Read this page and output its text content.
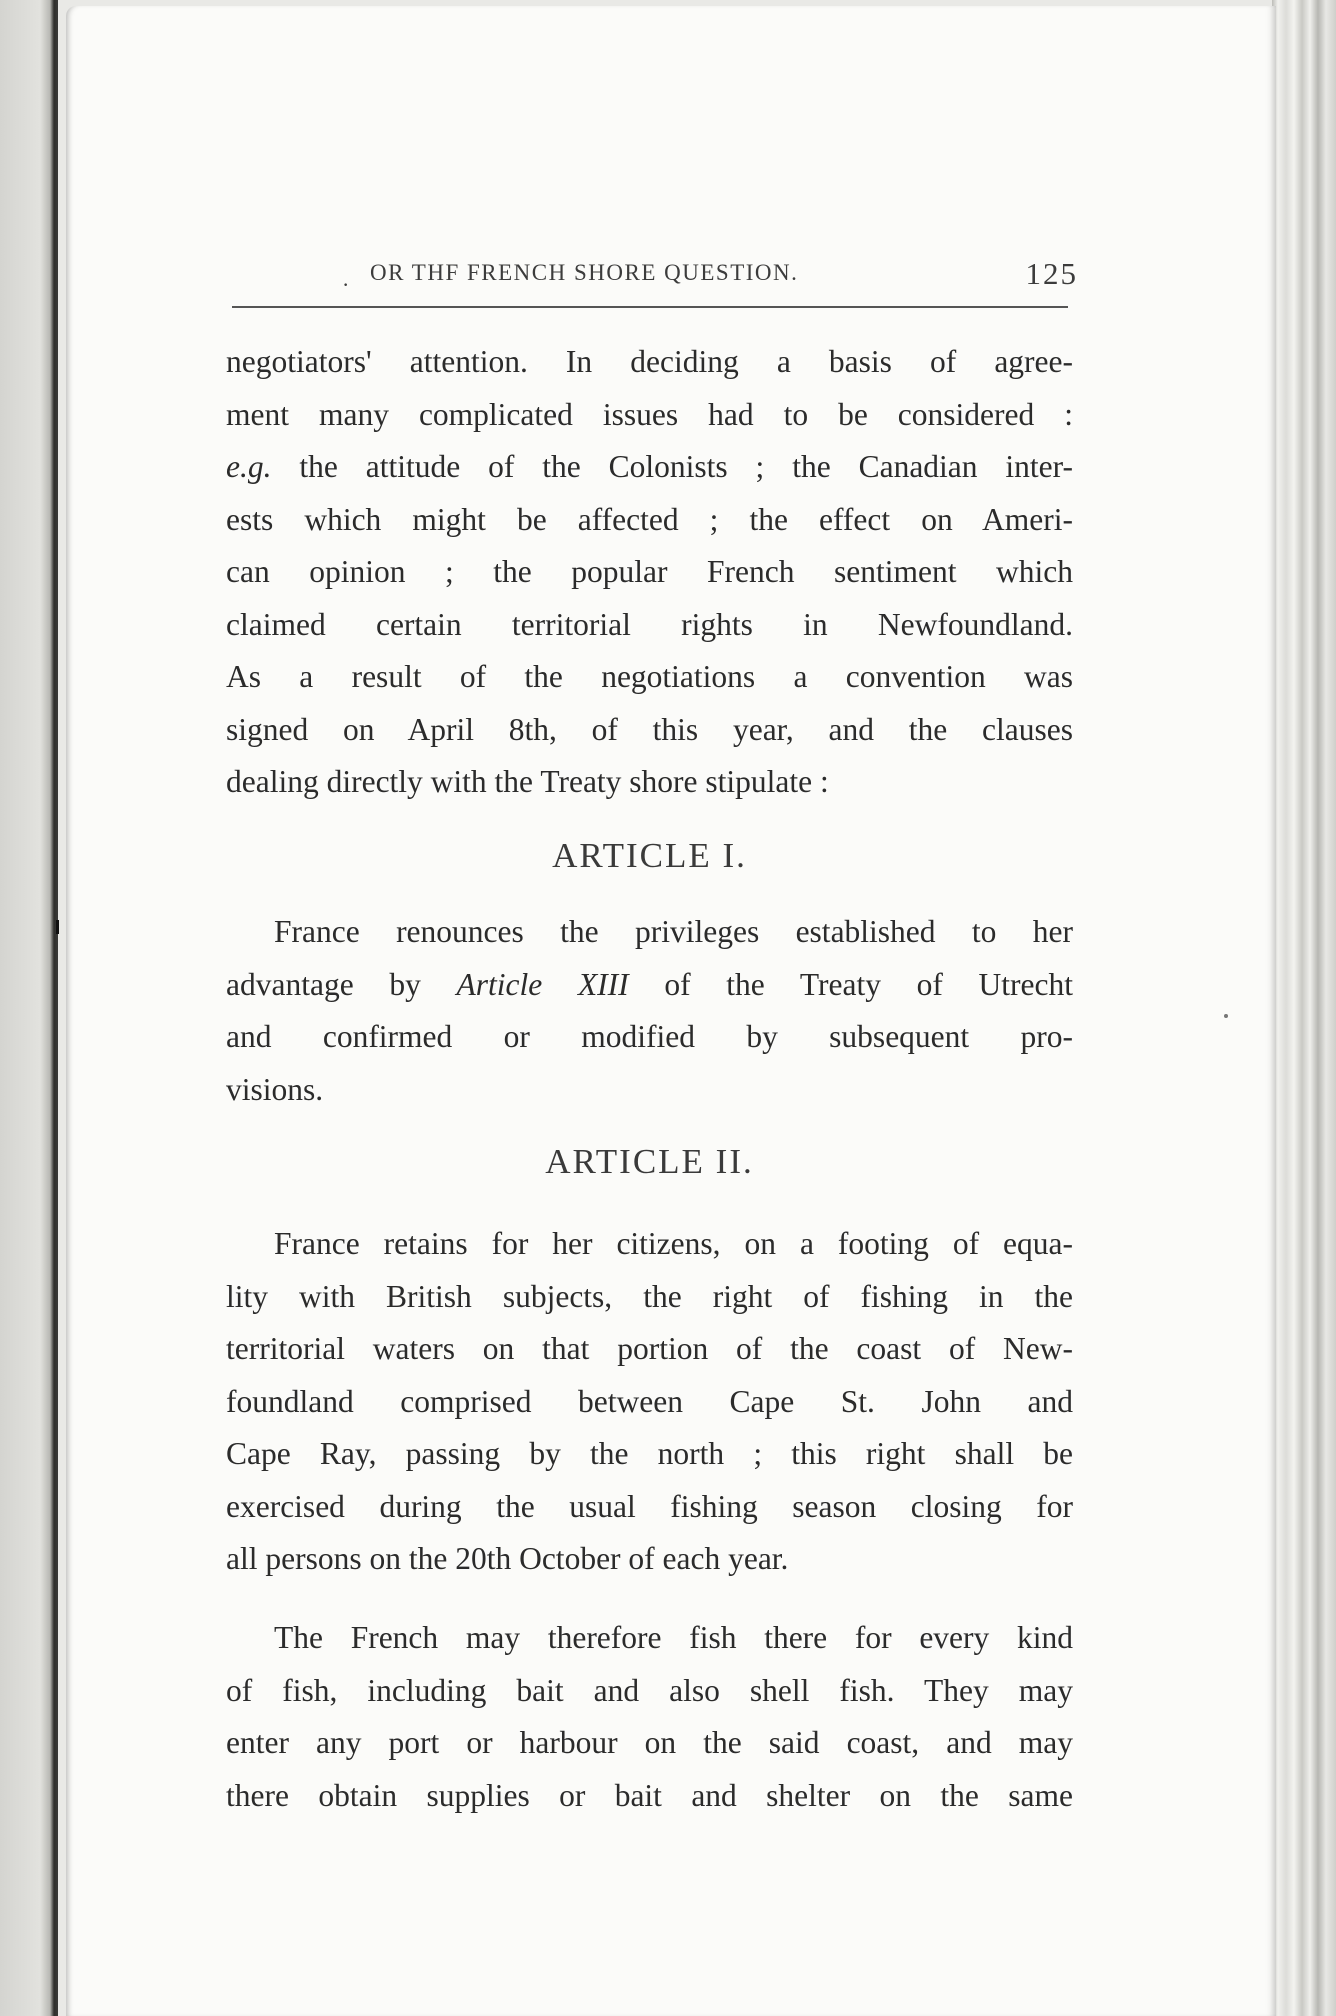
· OR THF FRENCH SHORE QUESTION.	125
negotiators' attention. In deciding a basis of agree-
ment many complicated issues had to be considered :
e.g. the attitude of the Colonists ; the Canadian inter-
ests which might be affected ; the effect on Ameri-
can opinion ; the popular French sentiment which
claimed certain territorial rights in Newfoundland.
As a result of the negotiations a convention was
signed on April 8th, of this year, and the clauses
dealing directly with the Treaty shore stipulate :
ARTICLE I.
France renounces the privileges established to her
advantage by Article XIII of the Treaty of Utrecht
and confirmed or modified by subsequent pro-
visions.
ARTICLE II.
France retains for her citizens, on a footing of equa-
lity with British subjects, the right of fishing in the
territorial waters on that portion of the coast of New-
foundland comprised between Cape St. John and
Cape Ray, passing by the north ; this right shall be
exercised during the usual fishing season closing for
all persons on the 20th October of each year.
The French may therefore fish there for every kind
of fish, including bait and also shell fish. They may
enter any port or harbour on the said coast, and may
there obtain supplies or bait and shelter on the same
